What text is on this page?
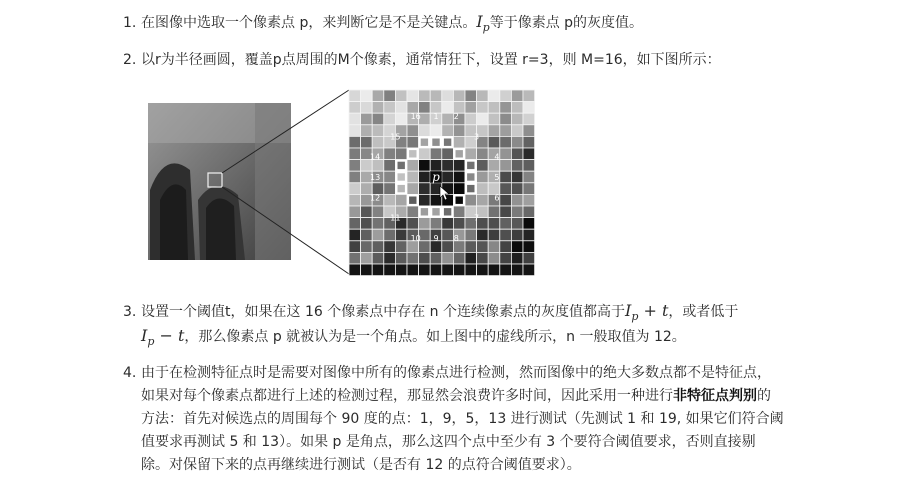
1. 在图像中选取一个像素点 p，来判断它是不是关键点。$I_p$等于像素点 p的灰度值。
2. 以r为半径画圆，覆盖p点周围的M个像素，通常情狂下，设置 r=3，则 M=16，如下图所示：
1 2
3
4
5
6
7
8
9
10
11
12
13
14
15
16
p
3. 设置一个阈值t，如果在这 16 个像素点中存在 n 个连续像素点的灰度值都高于$I_p + t$，或者低于
$I_p - t$，那么像素点 p 就被认为是一个角点。如上图中的虚线所示，n 一般取值为 12。
4. 由于在检测特征点时是需要对图像中所有的像素点进行检测，然而图像中的绝大多数点都不是特征点，
如果对每个像素点都进行上述的检测过程，那显然会浪费许多时间，因此采用一种进行非特征点判别的
方法：首先对候选点的周围每个 90 度的点：1，9，5，13 进行测试（先测试 1 和 19, 如果它们符合阈
值要求再测试 5 和 13）。如果 p 是角点，那么这四个点中至少有 3 个要符合阈值要求，否则直接剔
除。对保留下来的点再继续进行测试（是否有 12 的点符合阈值要求）。
